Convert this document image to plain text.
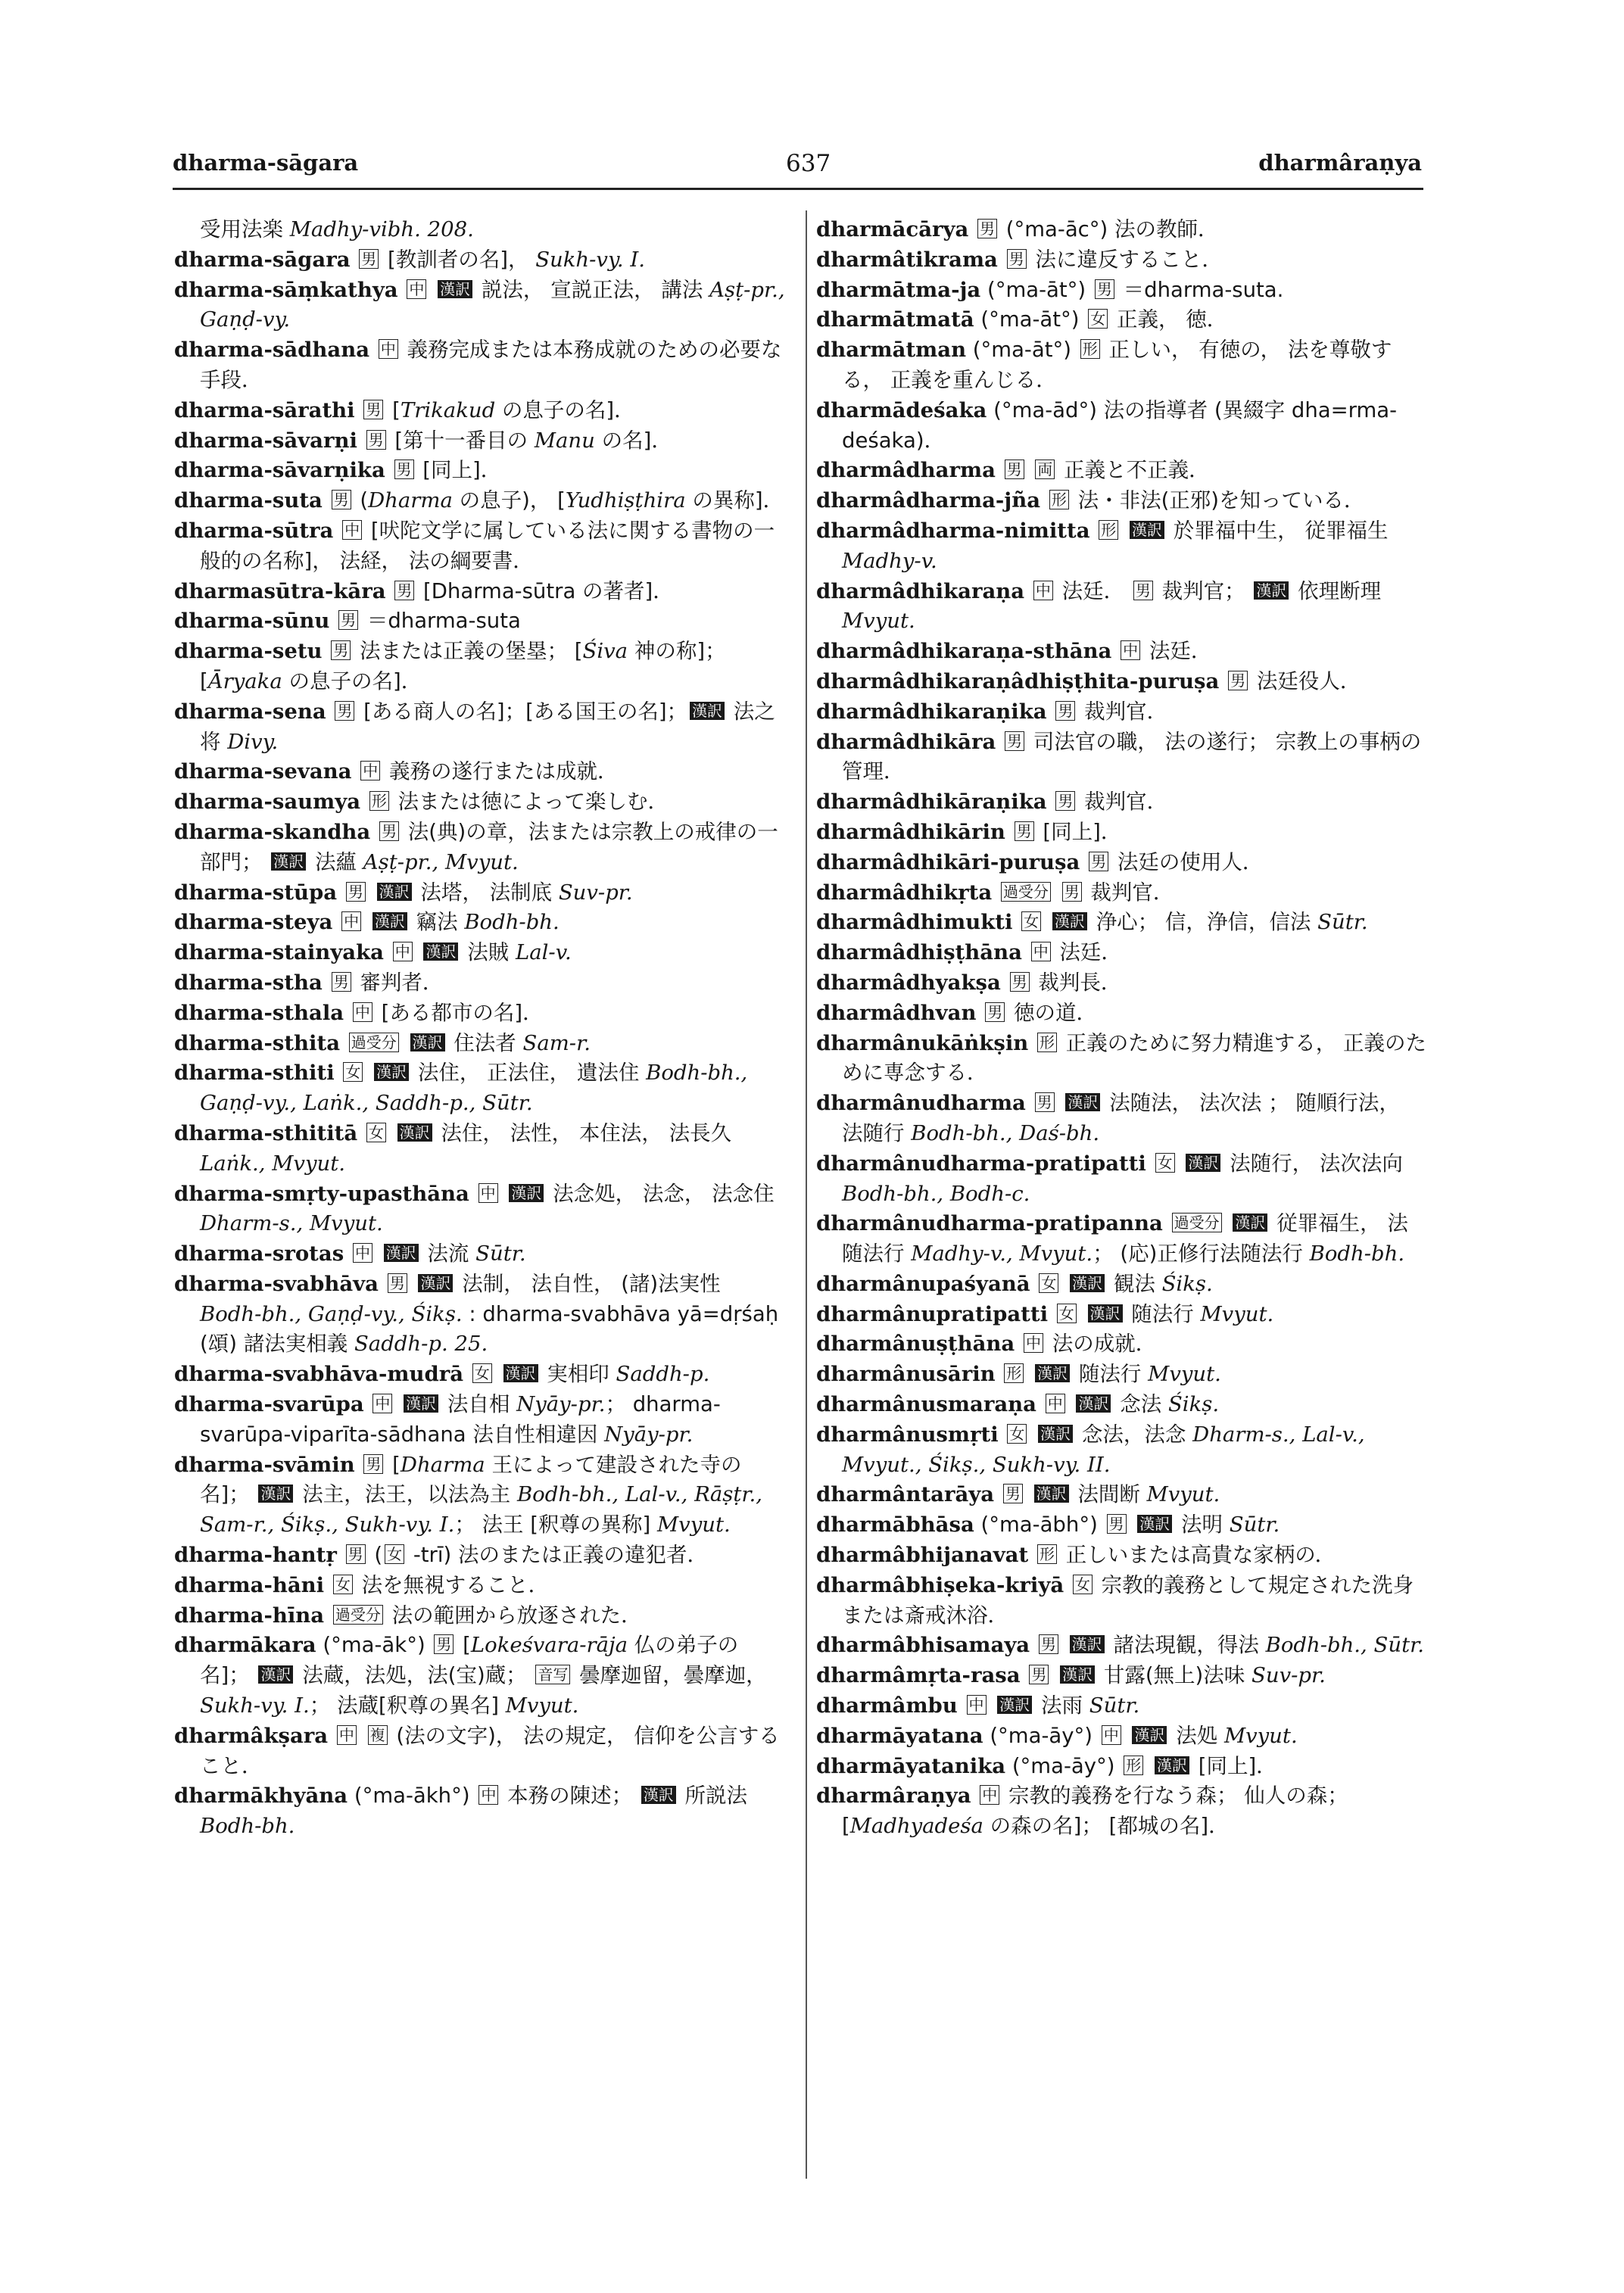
dharma-sāgara	637	dharmâraṇya

受用法楽 Madhy-vibh. 208.

dharma-sāgara 男 [教訓者の名]， Sukh-vy. I.

dharma-sāṃkathya 中 漢訳 説法， 宣説正法， 講法 Aṣṭ-pr., Gaṇḍ-vy.

dharma-sādhana 中 義務完成または本務成就のための必要な手段．

dharma-sārathi 男 [Trikakud の息子の名]．

dharma-sāvarṇi 男 [第十一番目の Manu の名]．

dharma-sāvarṇika 男 [同上]．

dharma-suta 男 (Dharma の息子)， [Yudhiṣṭhira の異称]．

dharma-sūtra 中 [吠陀文学に属している法に関する書物の一般的の名称]， 法経， 法の綱要書．

dharmasūtra-kāra 男 [Dharma-sūtra の著者]．

dharma-sūnu 男 ＝dharma-suta

dharma-setu 男 法または正義の堡塁； [Śiva 神の称]； [Āryaka の息子の名]．

dharma-sena 男 [ある商人の名]；[ある国王の名]； 漢訳 法之将 Divy.

dharma-sevana 中 義務の遂行または成就．

dharma-saumya 形 法または徳によって楽しむ．

dharma-skandha 男 法(典)の章，法または宗教上の戒律の一部門； 漢訳 法蘊 Aṣṭ-pr., Mvyut.

dharma-stūpa 男 漢訳 法塔， 法制底 Suv-pr.

dharma-steya 中 漢訳 竊法 Bodh-bh.

dharma-stainyaka 中 漢訳 法賊 Lal-v.

dharma-stha 男 審判者．

dharma-sthala 中 [ある都市の名]．

dharma-sthita 過受分 漢訳 住法者 Sam-r.

dharma-sthiti 女 漢訳 法住， 正法住， 遺法住 Bodh-bh., Gaṇḍ-vy., Laṅk., Saddh-p., Sūtr.

dharma-sthititā 女 漢訳 法住， 法性， 本住法， 法長久 Laṅk., Mvyut.

dharma-smṛty-upasthāna 中 漢訳 法念処， 法念， 法念住 Dharm-s., Mvyut.

dharma-srotas 中 漢訳 法流 Sūtr.

dharma-svabhāva 男 漢訳 法制， 法自性， (諸)法実性 Bodh-bh., Gaṇḍ-vy., Śikṣ. : dharma-svabhāva yā=dṛśaḥ (頌) 諸法実相義 Saddh-p. 25.

dharma-svabhāva-mudrā 女 漢訳 実相印 Saddh-p.

dharma-svarūpa 中 漢訳 法自相 Nyāy-pr.； dharma-svarūpa-viparīta-sādhana 法自性相違因 Nyāy-pr.

dharma-svāmin 男 [Dharma 王によって建設された寺の名]； 漢訳 法主，法王，以法為主 Bodh-bh., Lal-v., Rāṣṭr., Sam-r., Śikṣ., Sukh-vy. I.； 法王 [釈尊の異称] Mvyut.

dharma-hantṛ 男 ( 女 -trī) 法のまたは正義の違犯者．

dharma-hāni 女 法を無視すること．

dharma-hīna 過受分 法の範囲から放逐された．

dharmākara (°ma-āk°) 男 [Lokeśvara-rāja 仏の弟子の名]； 漢訳 法蔵，法処，法(宝)蔵； 音写 曇摩迦留，曇摩迦， Sukh-vy. I.； 法蔵[釈尊の異名] Mvyut.

dharmâkṣara 中 複 (法の文字)， 法の規定， 信仰を公言すること．

dharmākhyāna (°ma-ākh°) 中 本務の陳述； 漢訳 所説法 Bodh-bh.

dharmācārya 男 (°ma-āc°) 法の教師．

dharmâtikrama 男 法に違反すること．

dharmātma-ja (°ma-āt°) 男 ＝dharma-suta.

dharmātmatā (°ma-āt°) 女 正義， 徳．

dharmātman (°ma-āt°) 形 正しい， 有徳の， 法を尊敬する， 正義を重んじる．

dharmādeśaka (°ma-ād°) 法の指導者 (異綴字 dha=rma-deśaka)．

dharmâdharma 男 両 正義と不正義．

dharmâdharma-jña 形 法・非法(正邪)を知っている．

dharmâdharma-nimitta 形 漢訳 於罪福中生， 従罪福生 Madhy-v.

dharmâdhikaraṇa 中 法廷． 男 裁判官； 漢訳 依理断理 Mvyut.

dharmâdhikaraṇa-sthāna 中 法廷．

dharmâdhikaraṇâdhiṣṭhita-puruṣa 男 法廷役人．

dharmâdhikaraṇika 男 裁判官．

dharmâdhikāra 男 司法官の職， 法の遂行； 宗教上の事柄の管理．

dharmâdhikāraṇika 男 裁判官．

dharmâdhikārin 男 [同上]．

dharmâdhikāri-puruṣa 男 法廷の使用人．

dharmâdhikṛta 過受分 男 裁判官．

dharmâdhimukti 女 漢訳 浄心； 信，浄信，信法 Sūtr.

dharmâdhiṣṭhāna 中 法廷．

dharmâdhyakṣa 男 裁判長．

dharmâdhvan 男 徳の道．

dharmânukāṅkṣin 形 正義のために努力精進する， 正義のために専念する．

dharmânudharma 男 漢訳 法随法， 法次法 ； 随順行法， 法随行 Bodh-bh., Daś-bh.

dharmânudharma-pratipatti 女 漢訳 法随行， 法次法向 Bodh-bh., Bodh-c.

dharmânudharma-pratipanna 過受分 漢訳 従罪福生， 法随法行 Madhy-v., Mvyut.； (応)正修行法随法行 Bodh-bh.

dharmânupaśyanā 女 漢訳 観法 Śikṣ.

dharmânupratipatti 女 漢訳 随法行 Mvyut.

dharmânuṣṭhāna 中 法の成就．

dharmânusārin 形 漢訳 随法行 Mvyut.

dharmânusmaraṇa 中 漢訳 念法 Śikṣ.

dharmânusmṛti 女 漢訳 念法，法念 Dharm-s., Lal-v., Mvyut., Śikṣ., Sukh-vy. II.

dharmântarāya 男 漢訳 法間断 Mvyut.

dharmābhāsa (°ma-ābh°) 男 漢訳 法明 Sūtr.

dharmâbhijanavat 形 正しいまたは高貴な家柄の．

dharmâbhiṣeka-kriyā 女 宗教的義務として規定された洗身または斎戒沐浴．

dharmâbhisamaya 男 漢訳 諸法現観，得法 Bodh-bh., Sūtr.

dharmâmṛta-rasa 男 漢訳 甘露(無上)法味 Suv-pr.

dharmâmbu 中 漢訳 法雨 Sūtr.

dharmāyatana (°ma-āy°) 中 漢訳 法処 Mvyut.

dharmāyatanika (°ma-āy°) 形 漢訳 [同上]．

dharmâraṇya 中 宗教的義務を行なう森； 仙人の森； [Madhyadeśa の森の名]； [都城の名]．
